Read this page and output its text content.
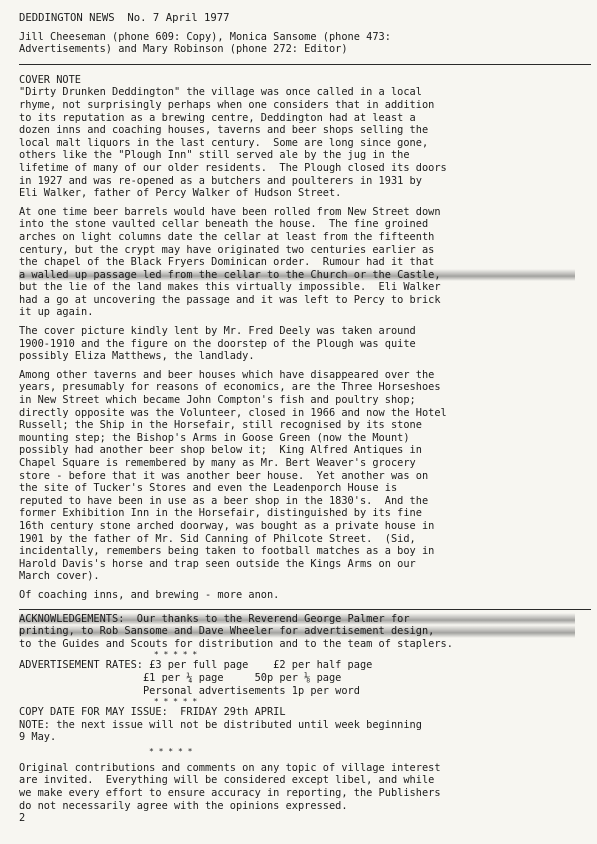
DEDDINGTON NEWS  No. 7 April 1977
Jill Cheeseman (phone 609: Copy), Monica Sansome (phone 473:
Advertisements) and Mary Robinson (phone 272: Editor)
COVER NOTE
"Dirty Drunken Deddington" the village was once called in a local
rhyme, not surprisingly perhaps when one considers that in addition
to its reputation as a brewing centre, Deddington had at least a
dozen inns and coaching houses, taverns and beer shops selling the
local malt liquors in the last century.  Some are long since gone,
others like the "Plough Inn" still served ale by the jug in the
lifetime of many of our older residents.  The Plough closed its doors
in 1927 and was re-opened as a butchers and poulterers in 1931 by
Eli Walker, father of Percy Walker of Hudson Street.
At one time beer barrels would have been rolled from New Street down
into the stone vaulted cellar beneath the house.  The fine groined
arches on light columns date the cellar at least from the fifteenth
century, but the crypt may have originated two centuries earlier as
the chapel of the Black Fryers Dominican order.  Rumour had it that
a walled up passage led from the cellar to the Church or the Castle,
but the lie of the land makes this virtually impossible.  Eli Walker
had a go at uncovering the passage and it was left to Percy to brick
it up again.
The cover picture kindly lent by Mr. Fred Deely was taken around
1900-1910 and the figure on the doorstep of the Plough was quite
possibly Eliza Matthews, the landlady.
Among other taverns and beer houses which have disappeared over the
years, presumably for reasons of economics, are the Three Horseshoes
in New Street which became John Compton's fish and poultry shop;
directly opposite was the Volunteer, closed in 1966 and now the Hotel
Russell; the Ship in the Horsefair, still recognised by its stone
mounting step; the Bishop's Arms in Goose Green (now the Mount)
possibly had another beer shop below it;  King Alfred Antiques in
Chapel Square is remembered by many as Mr. Bert Weaver's grocery
store - before that it was another beer house.  Yet another was on
the site of Tucker's Stores and even the Leadenporch House is
reputed to have been in use as a beer shop in the 1830's.  And the
former Exhibition Inn in the Horsefair, distinguished by its fine
16th century stone arched doorway, was bought as a private house in
1901 by the father of Mr. Sid Canning of Philcote Street.  (Sid,
incidentally, remembers being taken to football matches as a boy in
Harold Davis's horse and trap seen outside the Kings Arms on our
March cover).
Of coaching inns, and brewing - more anon.
ACKNOWLEDGEMENTS:  Our thanks to the Reverend George Palmer for
printing, to Rob Sansome and Dave Wheeler for advertisement design,
to the Guides and Scouts for distribution and to the team of staplers.
* * * * *
ADVERTISEMENT RATES: £3 per full page    £2 per half page
£1 per ¼ page     50p per ⅛ page
Personal advertisements 1p per word
* * * * *
COPY DATE FOR MAY ISSUE:  FRIDAY 29th APRIL
NOTE: the next issue will not be distributed until week beginning
9 May.
* * * * *
Original contributions and comments on any topic of village interest
are invited.  Everything will be considered except libel, and while
we make every effort to ensure accuracy in reporting, the Publishers
do not necessarily agree with the opinions expressed.
2
